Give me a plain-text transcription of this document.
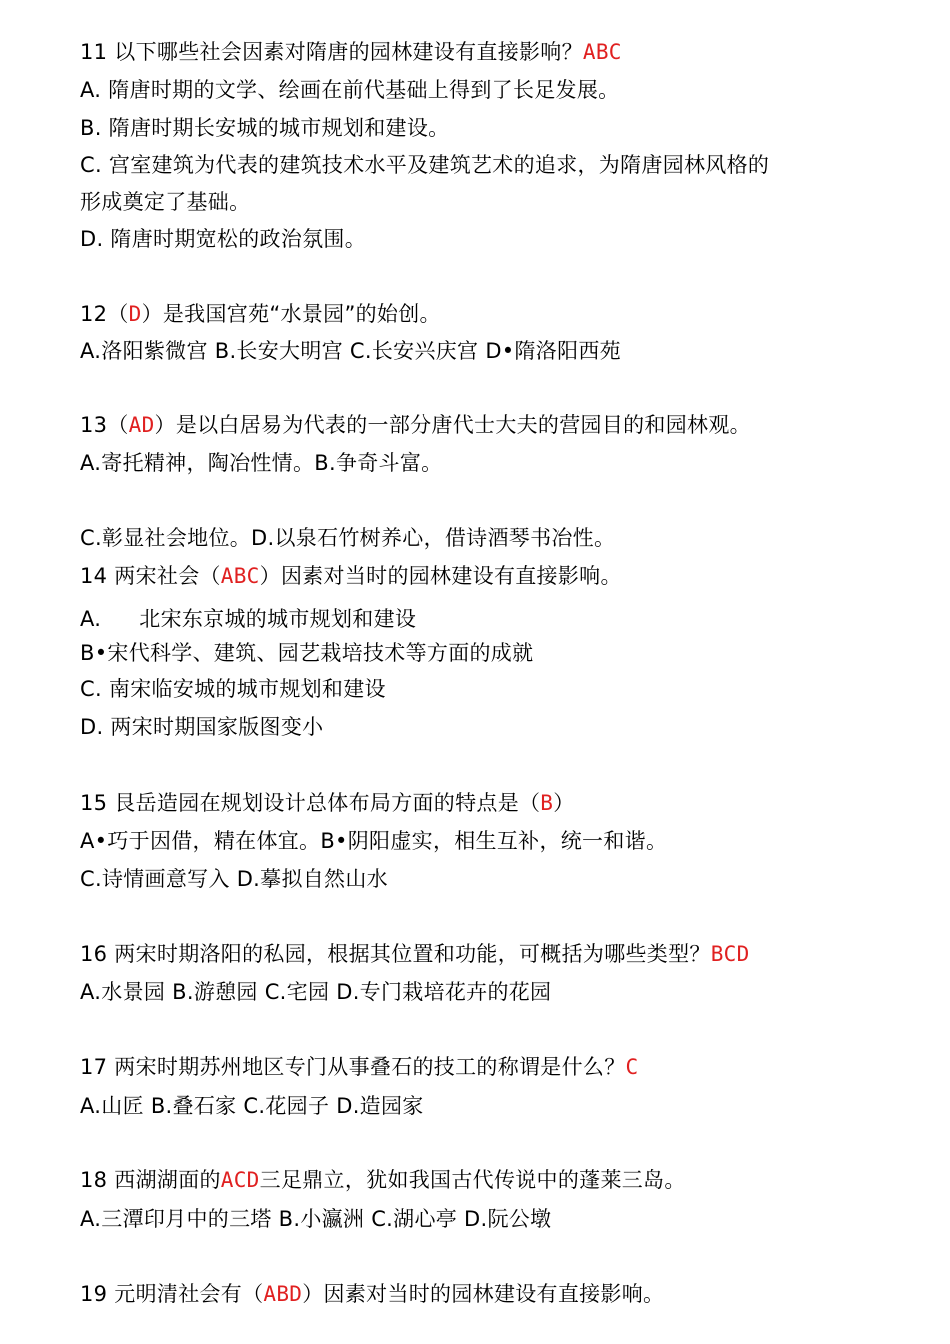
11 以下哪些社会因素对隋唐的园林建设有直接影响？ABC
A. 隋唐时期的文学、绘画在前代基础上得到了长足发展。
B. 隋唐时期长安城的城市规划和建设。
C. 宫室建筑为代表的建筑技术水平及建筑艺术的追求，为隋唐园林风格的
形成奠定了基础。
D. 隋唐时期宽松的政治氛围。
12（D）是我国宫苑“水景园”的始创。
A.洛阳紫微宫 B.长安大明宫 C.长安兴庆宫 D•隋洛阳西苑
13（AD）是以白居易为代表的一部分唐代士大夫的营园目的和园林观。
A.寄托精神，陶冶性情。B.争奇斗富。
C.彰显社会地位。D.以泉石竹树养心，借诗酒琴书冶性。
14 两宋社会（ABC）因素对当时的园林建设有直接影响。
A. 北宋东京城的城市规划和建设
B•宋代科学、建筑、园艺栽培技术等方面的成就
C. 南宋临安城的城市规划和建设
D. 两宋时期国家版图变小
15 艮岳造园在规划设计总体布局方面的特点是（B）
A•巧于因借，精在体宜。B•阴阳虚实，相生互补，统一和谐。
C.诗情画意写入 D.摹拟自然山水
16 两宋时期洛阳的私园，根据其位置和功能，可概括为哪些类型？BCD
A.水景园 B.游憩园 C.宅园 D.专门栽培花卉的花园
17 两宋时期苏州地区专门从事叠石的技工的称谓是什么？C
A.山匠 B.叠石家 C.花园子 D.造园家
18 西湖湖面的ACD三足鼎立，犹如我国古代传说中的蓬莱三岛。
A.三潭印月中的三塔 B.小瀛洲 C.湖心亭 D.阮公墩
19 元明清社会有（ABD）因素对当时的园林建设有直接影响。
